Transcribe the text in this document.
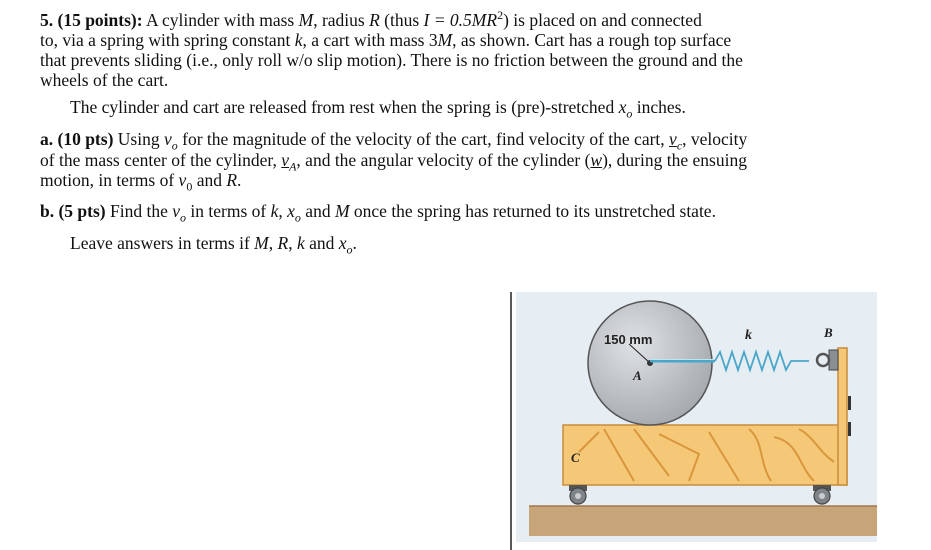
5. (15 points): A cylinder with mass M, radius R (thus $I = 0.5MR^2$) is placed on and connected

to, via a spring with spring constant k, a cart with mass 3M, as shown. Cart has a rough top surface

that prevents sliding (i.e., only roll w/o slip motion). There is no friction between the ground and the

wheels of the cart.

The cylinder and cart are released from rest when the spring is (pre)-stretched $x_o$ inches.

a. (10 pts) Using $v_o$ for the magnitude of the velocity of the cart, find velocity of the cart, $v_c$, velocity

of the mass center of the cylinder, $v_A$, and the angular velocity of the cylinder (w), during the ensuing

motion, in terms of $v_0$ and R.

b. (5 pts) Find the $v_o$ in terms of k, $x_o$ and M once the spring has returned to its unstretched state.

Leave answers in terms if M, R, k and $x_o$.

150 mm
A
k	B
C
